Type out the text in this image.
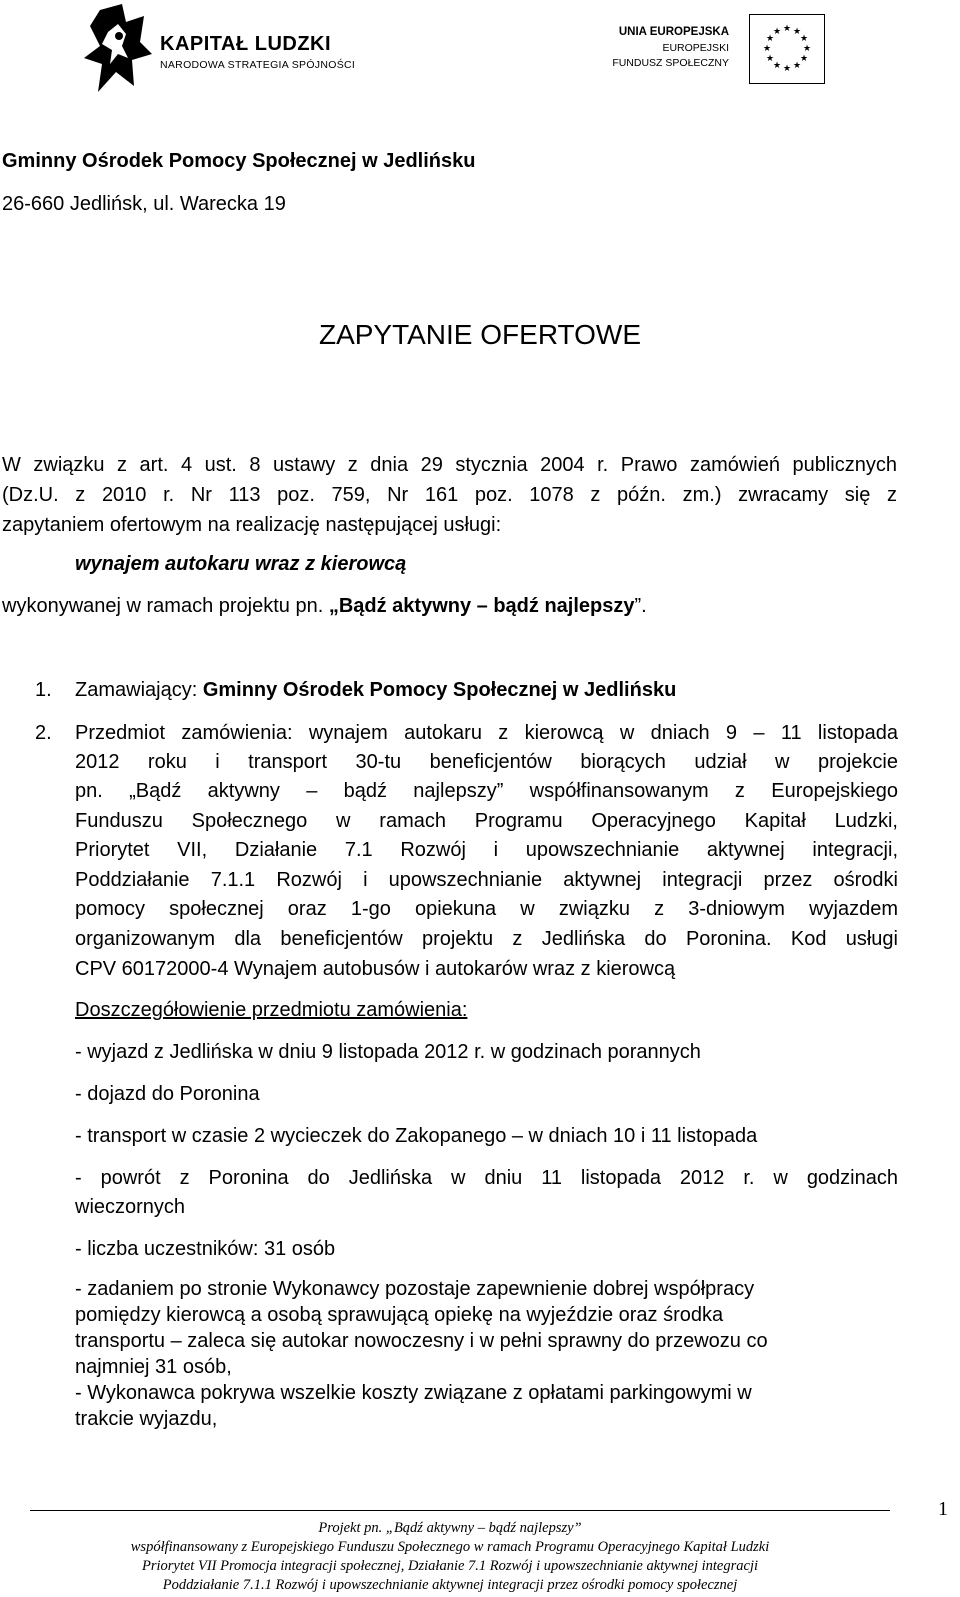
KAPITAŁ LUDZKI
NARODOWA STRATEGIA SPÓJNOŚCI
UNIA EUROPEJSKA
EUROPEJSKI
FUNDUSZ SPOŁECZNY
★ ★
★
★
★
★
★
★
★
★
★
★
Gminny Ośrodek Pomocy Społecznej w Jedlińsku
26-660 Jedlińsk, ul. Warecka 19
ZAPYTANIE OFERTOWE
W związku z art. 4 ust. 8 ustawy z dnia 29 stycznia 2004 r. Prawo zamówień publicznych
(Dz.U. z 2010 r. Nr 113 poz. 759, Nr 161 poz. 1078 z późn. zm.) zwracamy się z
zapytaniem ofertowym na realizację następującej usługi:
wynajem autokaru wraz z kierowcą
wykonywanej w ramach projektu pn. „Bądź aktywny – bądź najlepszy”.
1. Zamawiający: Gminny Ośrodek Pomocy Społecznej w Jedlińsku
2. Przedmiot zamówienia: wynajem autokaru z kierowcą w dniach 9 – 11 listopada
2012 roku i transport 30-tu beneficjentów biorących udział w projekcie
pn. „Bądź aktywny – bądź najlepszy” współfinansowanym z Europejskiego
Funduszu Społecznego w ramach Programu Operacyjnego Kapitał Ludzki,
Priorytet VII, Działanie 7.1 Rozwój i upowszechnianie aktywnej integracji,
Poddziałanie 7.1.1 Rozwój i upowszechnianie aktywnej integracji przez ośrodki
pomocy społecznej oraz 1-go opiekuna w związku z 3-dniowym wyjazdem
organizowanym dla beneficjentów projektu z Jedlińska do Poronina. Kod usługi
CPV 60172000-4 Wynajem autobusów i autokarów wraz z kierowcą
Doszczegółowienie przedmiotu zamówienia:
- wyjazd z Jedlińska w dniu 9 listopada 2012 r. w godzinach porannych
- dojazd do Poronina
- transport w czasie 2 wycieczek do Zakopanego – w dniach 10 i 11 listopada
- powrót z Poronina do Jedlińska w dniu 11 listopada 2012 r. w godzinach
wieczornych
- liczba uczestników: 31 osób
- zadaniem po stronie Wykonawcy pozostaje zapewnienie dobrej współpracy
pomiędzy kierowcą a osobą sprawującą opiekę na wyjeździe oraz środka
transportu – zaleca się autokar nowoczesny i w pełni sprawny do przewozu co
najmniej 31 osób,
- Wykonawca pokrywa wszelkie koszty związane z opłatami parkingowymi w
trakcie wyjazdu,
1
Projekt pn. „Bądź aktywny – bądź najlepszy”
współfinansowany z Europejskiego Funduszu Społecznego w ramach Programu Operacyjnego Kapitał Ludzki
Priorytet VII Promocja integracji społecznej, Działanie 7.1 Rozwój i upowszechnianie aktywnej integracji
Poddziałanie 7.1.1 Rozwój i upowszechnianie aktywnej integracji przez ośrodki pomocy społecznej
